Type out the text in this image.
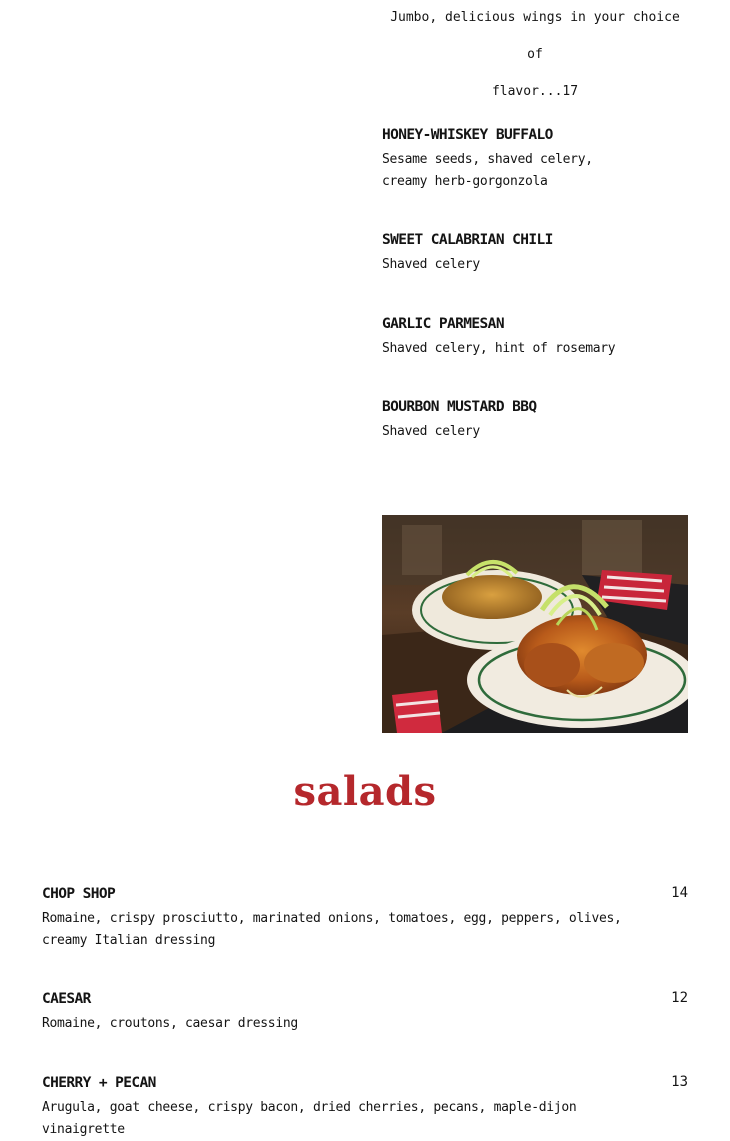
Jumbo, delicious wings in your choice of
flavor...17

HONEY-WHISKEY BUFFALO

Sesame seeds, shaved celery, creamy herb-gorgonzola

SWEET CALABRIAN CHILI

Shaved celery

GARLIC PARMESAN

Shaved celery, hint of rosemary

BOURBON MUSTARD BBQ

Shaved celery

salads

CHOP SHOP	14

Romaine, crispy prosciutto, marinated onions, tomatoes, egg, peppers, olives, creamy Italian dressing

CAESAR	12

Romaine, croutons, caesar dressing

CHERRY + PECAN	13

Arugula, goat cheese, crispy bacon, dried cherries, pecans, maple-dijon vinaigrette
